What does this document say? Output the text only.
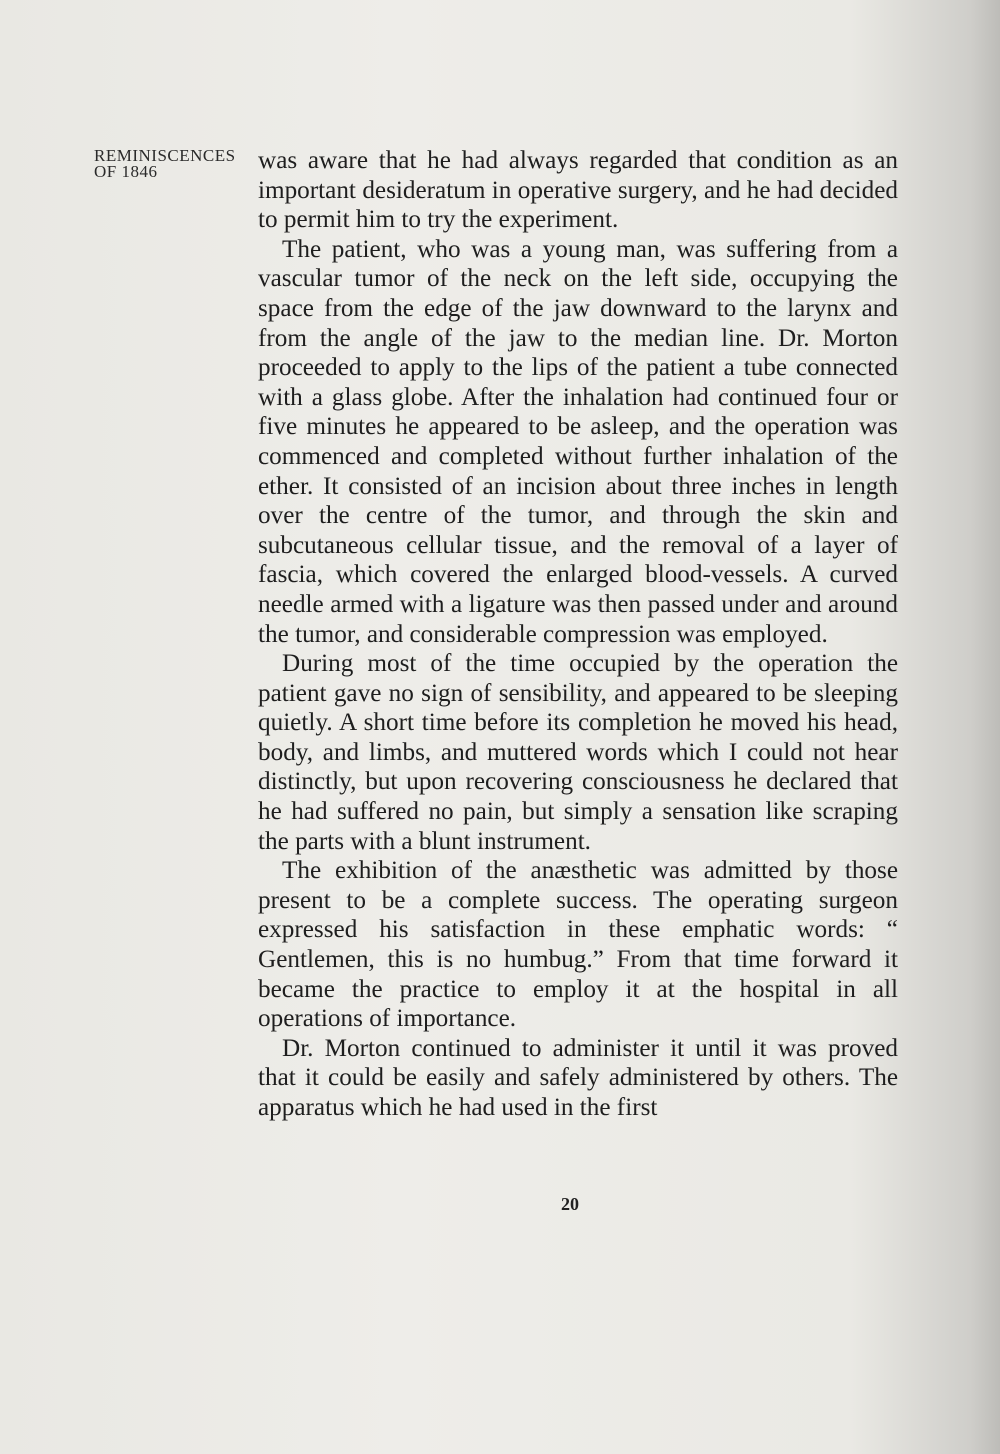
REMINISCENCES
OF 1846	was aware that he had always regarded that condition as an important desideratum in operative surgery, and he had decided to permit him to try the experiment.

The patient, who was a young man, was suffering from a vascular tumor of the neck on the left side, occupying the space from the edge of the jaw downward to the larynx and from the angle of the jaw to the median line. Dr. Morton proceeded to apply to the lips of the patient a tube connected with a glass globe. After the inhalation had continued four or five minutes he appeared to be asleep, and the operation was commenced and completed without further inhalation of the ether. It consisted of an incision about three inches in length over the centre of the tumor, and through the skin and subcutaneous cellular tissue, and the removal of a layer of fascia, which covered the enlarged blood-vessels. A curved needle armed with a ligature was then passed under and around the tumor, and considerable compression was employed.

During most of the time occupied by the operation the patient gave no sign of sensibility, and appeared to be sleeping quietly. A short time before its completion he moved his head, body, and limbs, and muttered words which I could not hear distinctly, but upon recovering consciousness he declared that he had suffered no pain, but simply a sensation like scraping the parts with a blunt instrument.

The exhibition of the anæsthetic was admitted by those present to be a complete success. The operating surgeon expressed his satisfaction in these emphatic words: “ Gentlemen, this is no humbug.” From that time forward it became the practice to employ it at the hospital in all operations of importance.

Dr. Morton continued to administer it until it was proved that it could be easily and safely administered by others. The apparatus which he had used in the first

20
